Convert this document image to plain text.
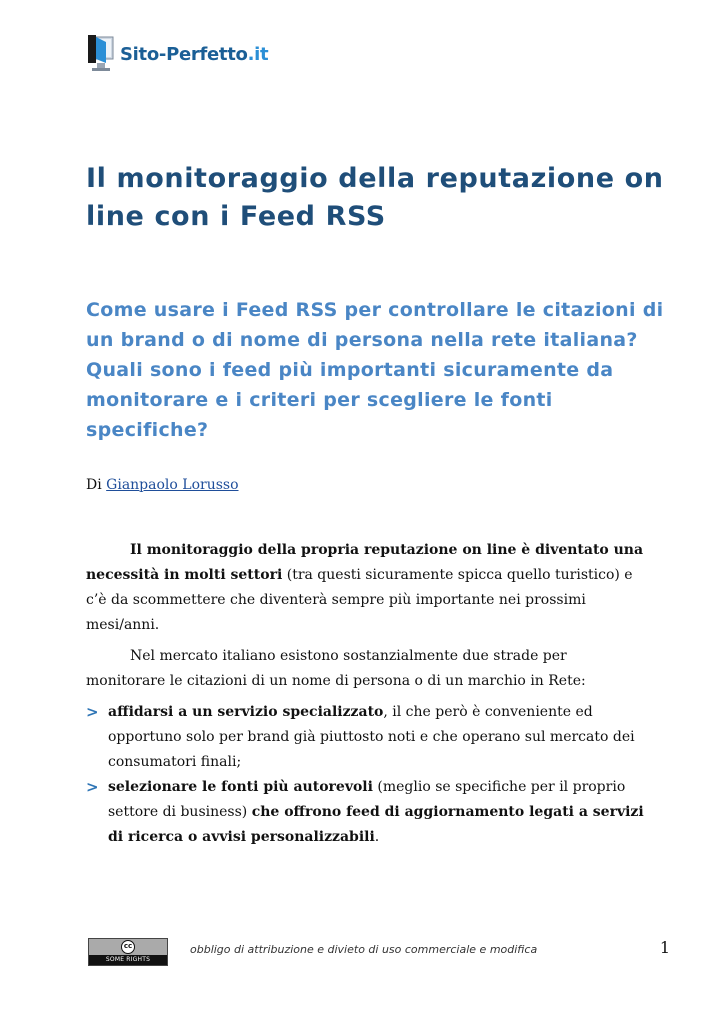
Sito-Perfetto.it
Il monitoraggio della reputazione on line con i Feed RSS
Come usare i Feed RSS per controllare le citazioni di un brand o di nome di persona nella rete italiana? Quali sono i feed più importanti sicuramente da monitorare e i criteri per scegliere le fonti specifiche?
Di Gianpaolo Lorusso

Il monitoraggio della propria reputazione on line è diventato una necessità in molti settori (tra questi sicuramente spicca quello turistico) e c’è da scommettere che diventerà sempre più importante nei prossimi mesi/anni.

Nel mercato italiano esistono sostanzialmente due strade per monitorare le citazioni di un nome di persona o di un marchio in Rete:

> affidarsi a un servizio specializzato, il che però è conveniente ed opportuno solo per brand già piuttosto noti e che operano sul mercato dei consumatori finali;
> selezionare le fonti più autorevoli (meglio se specifiche per il proprio settore di business) che offrono feed di aggiornamento legati a servizi di ricerca o avvisi personalizzabili.
cc
SOME RIGHTS RESERVED
obbligo di attribuzione e divieto di uso commerciale e modifica	1
